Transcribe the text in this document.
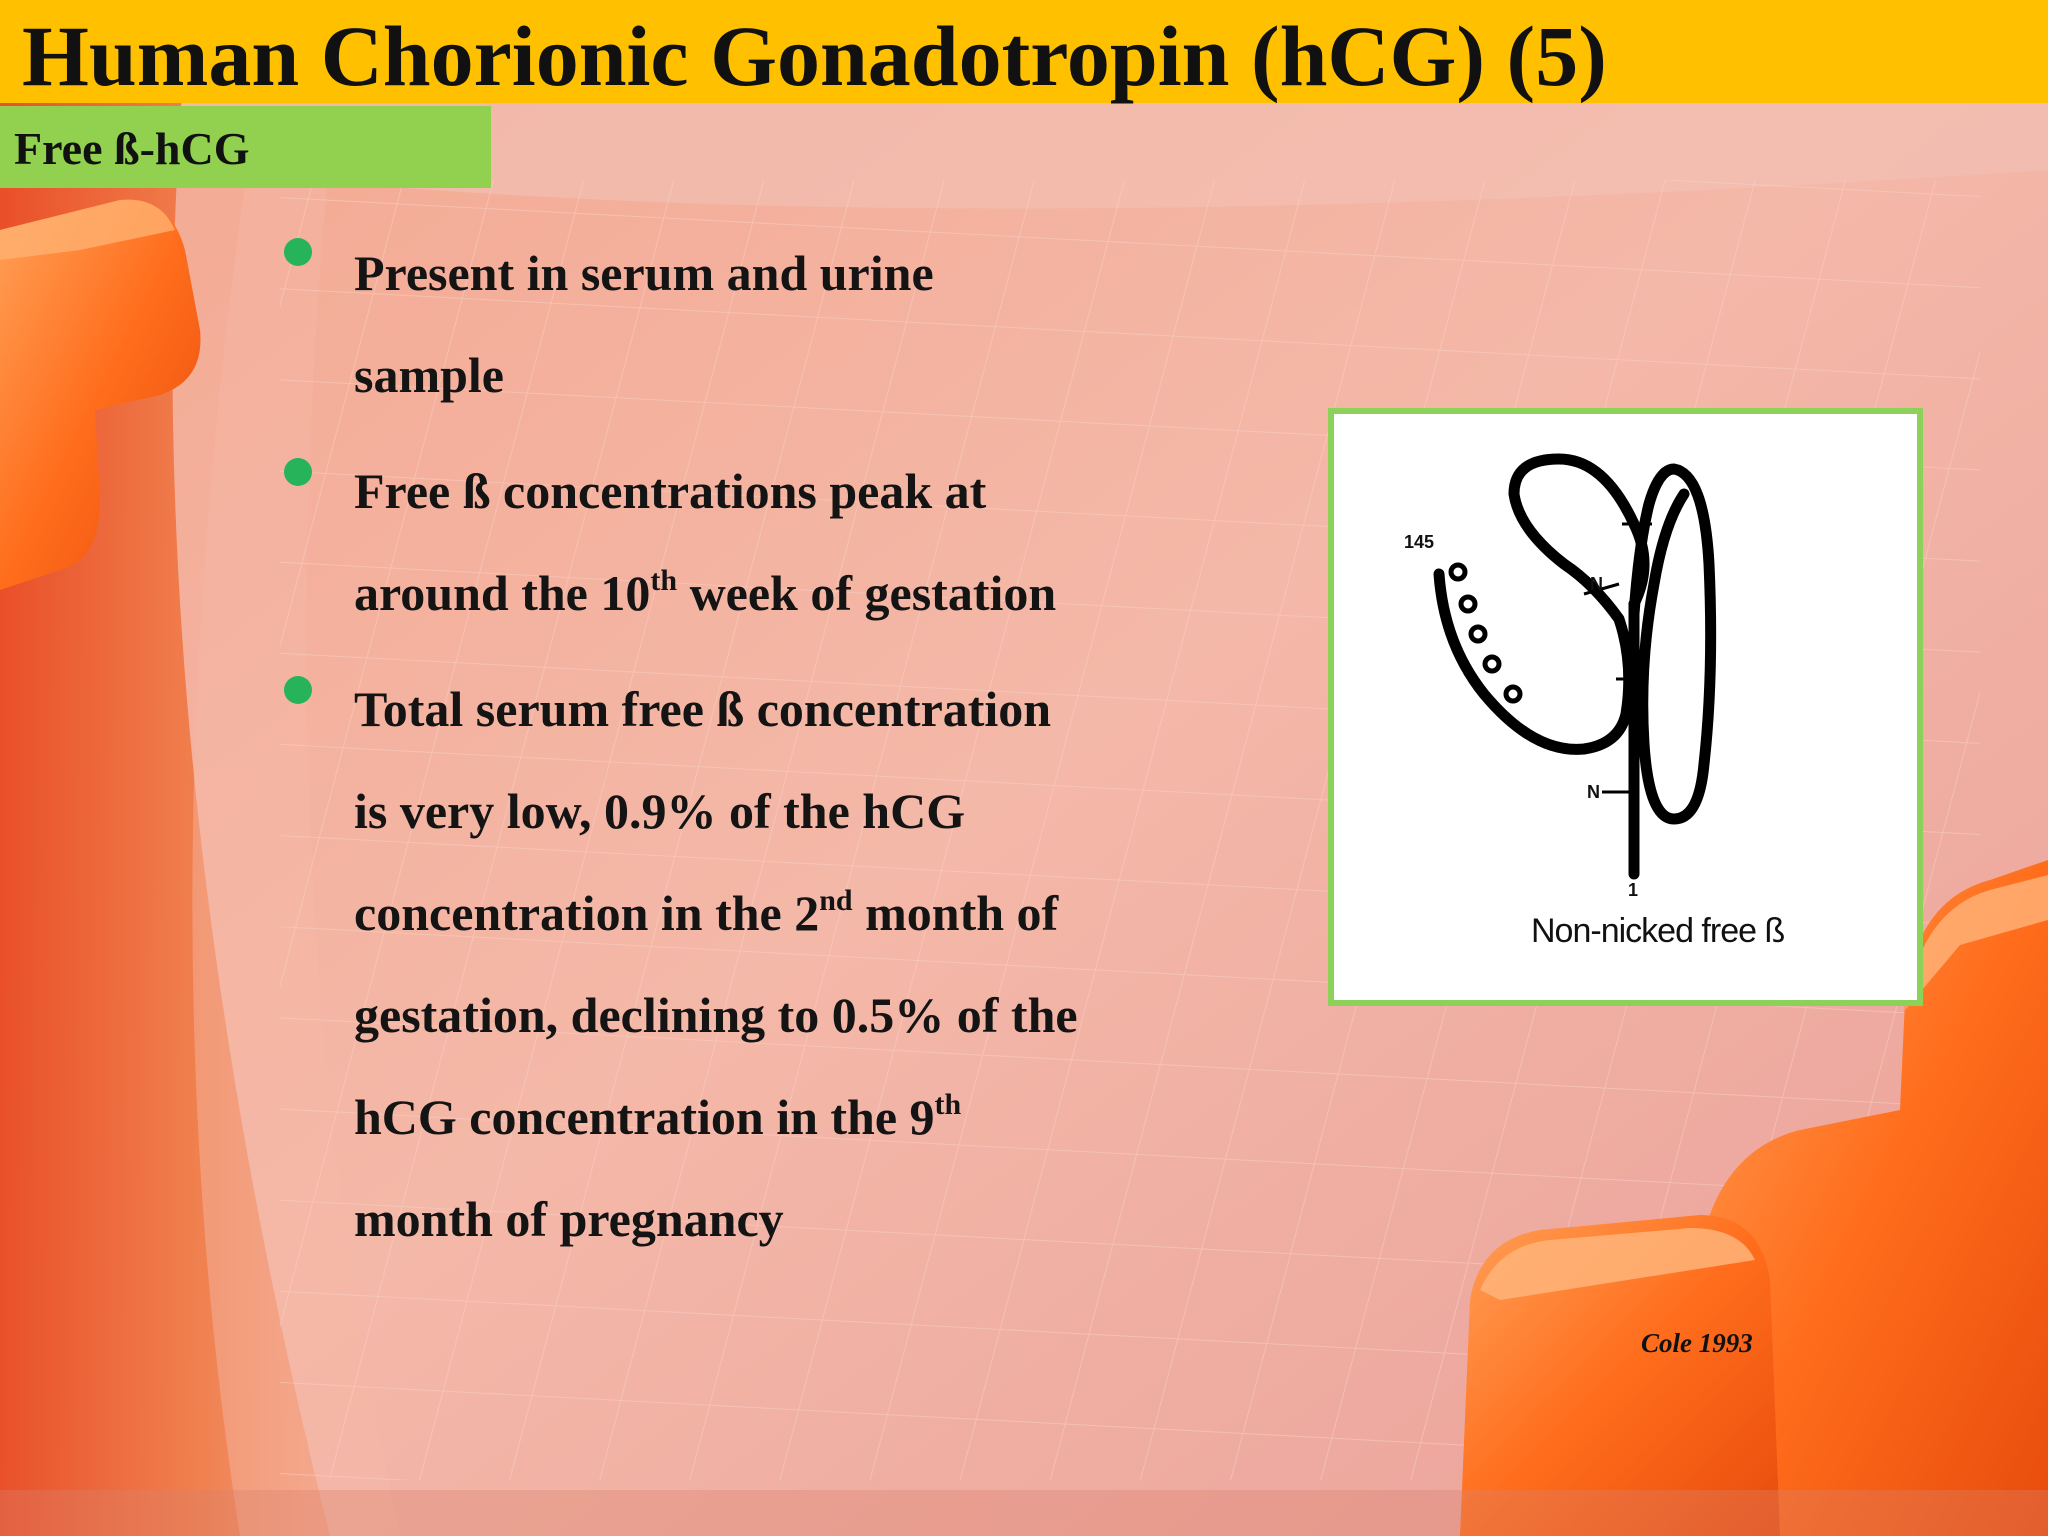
Human Chorionic Gonadotropin (hCG) (5)
Free ß-hCG
Present in serum and urine
sample
Free ß concentrations peak at
around the 10th week of gestation
Total serum free ß concentration
is very low, 0.9% of the hCG
concentration in the 2nd month of
gestation, declining to 0.5% of the
hCG concentration in the 9th
month of pregnancy
145
N
N
1
Non-nicked free ß
Cole 1993
